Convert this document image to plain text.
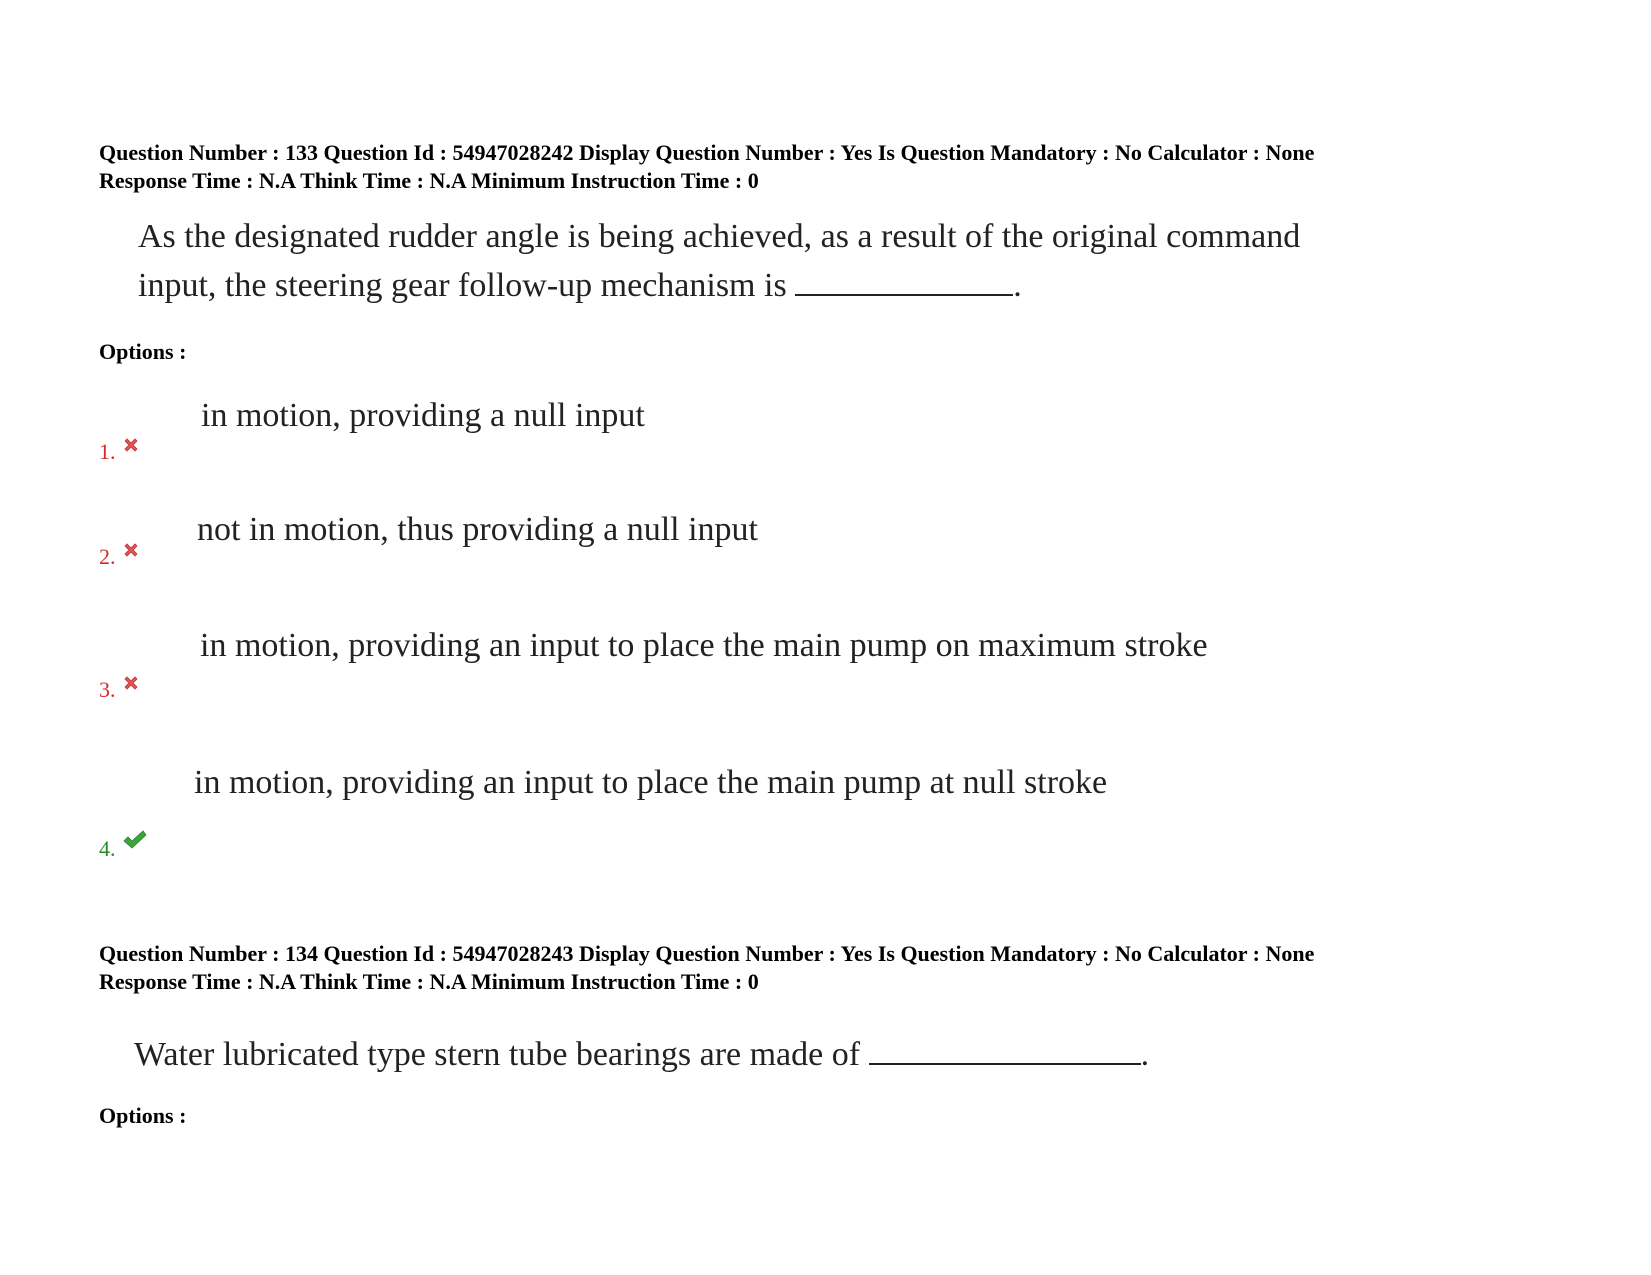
Question Number : 133 Question Id : 54947028242 Display Question Number : Yes Is Question Mandatory : No Calculator : None
Response Time : N.A Think Time : N.A Minimum Instruction Time : 0
As the designated rudder angle is being achieved, as a result of the original command
input, the steering gear follow-up mechanism is	.
Options :
in motion, providing a null input
1.
not in motion, thus providing a null input
2.
in motion, providing an input to place the main pump on maximum stroke
3.
in motion, providing an input to place the main pump at null stroke
4.
Question Number : 134 Question Id : 54947028243 Display Question Number : Yes Is Question Mandatory : No Calculator : None
Response Time : N.A Think Time : N.A Minimum Instruction Time : 0
Water lubricated type stern tube bearings are made of	.
Options :
